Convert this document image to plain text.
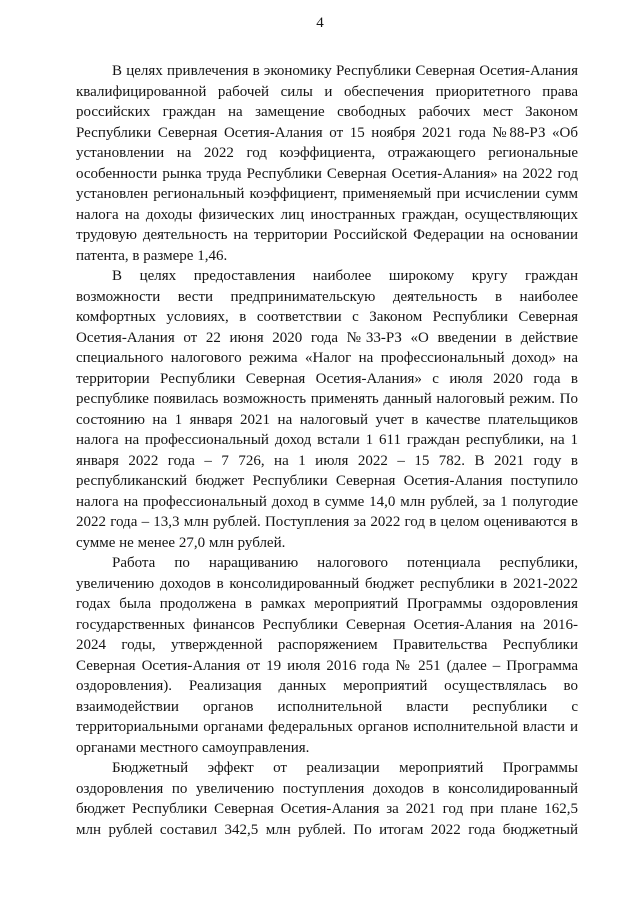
4
В целях привлечения в экономику Республики Северная Осетия-Алания
квалифицированной рабочей силы и обеспечения приоритетного права
российских граждан на замещение свободных рабочих мест Законом
Республики Северная Осетия-Алания от 15 ноября 2021 года №88-РЗ «Об
установлении на 2022 год коэффициента, отражающего региональные
особенности рынка труда Республики Северная Осетия-Алания» на 2022 год
установлен региональный коэффициент, применяемый при исчислении сумм
налога на доходы физических лиц иностранных граждан, осуществляющих
трудовую деятельность на территории Российской Федерации на основании
патента, в размере 1,46.
В целях предоставления наиболее широкому кругу граждан
возможности вести предпринимательскую деятельность в наиболее
комфортных условиях, в соответствии с Законом Республики Северная
Осетия-Алания от 22 июня 2020 года №33-РЗ «О введении в действие
специального налогового режима «Налог на профессиональный доход» на
территории Республики Северная Осетия-Алания» с июля 2020 года в
республике появилась возможность применять данный налоговый режим. По
состоянию на 1 января 2021 на налоговый учет в качестве плательщиков
налога на профессиональный доход встали 1 611 граждан республики, на 1
января 2022 года – 7 726, на 1 июля 2022 – 15 782. В 2021 году в
республиканский бюджет Республики Северная Осетия-Алания поступило
налога на профессиональный доход в сумме 14,0 млн рублей, за 1 полугодие
2022 года – 13,3 млн рублей. Поступления за 2022 год в целом оцениваются в
сумме не менее 27,0 млн рублей.
Работа по наращиванию налогового потенциала республики,
увеличению доходов в консолидированный бюджет республики в 2021-2022
годах была продолжена в рамках мероприятий Программы оздоровления
государственных финансов Республики Северная Осетия-Алания на 2016-
2024 годы, утвержденной распоряжением Правительства Республики
Северная Осетия-Алания от 19 июля 2016 года № 251 (далее – Программа
оздоровления). Реализация данных мероприятий осуществлялась во
взаимодействии органов исполнительной власти республики с
территориальными органами федеральных органов исполнительной власти и
органами местного самоуправления.
Бюджетный эффект от реализации мероприятий Программы
оздоровления по увеличению поступления доходов в консолидированный
бюджет Республики Северная Осетия-Алания за 2021 год при плане 162,5
млн рублей составил 342,5 млн рублей. По итогам 2022 года бюджетный
